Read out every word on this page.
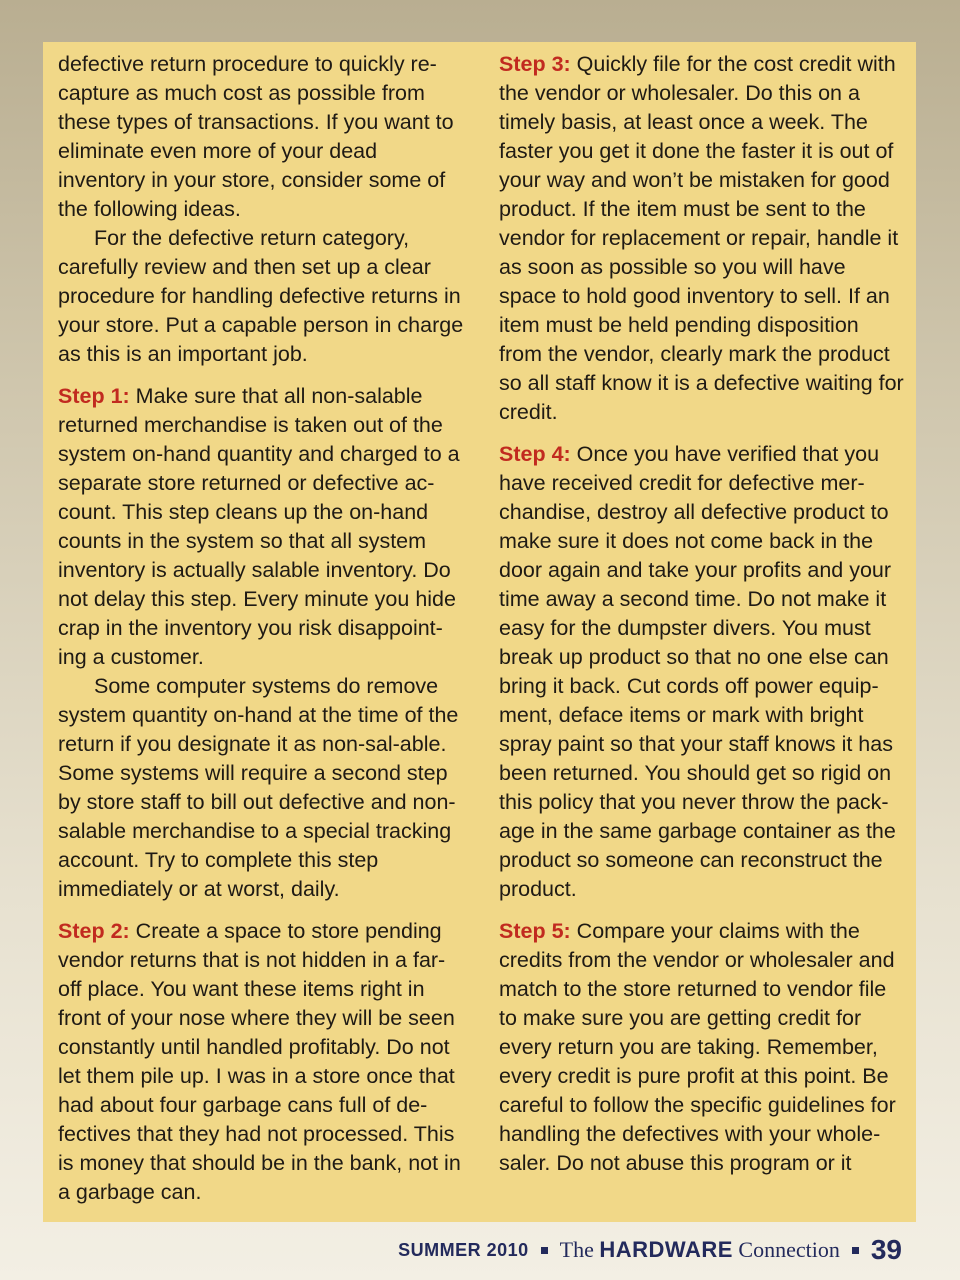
defective return procedure to quickly re-capture as much cost as possible from these types of transactions. If you want to eliminate even more of your dead inventory in your store, consider some of the following ideas.

For the defective return category, carefully review and then set up a clear procedure for handling defective returns in your store. Put a capable person in charge as this is an important job.

Step 1: Make sure that all non-salable returned merchandise is taken out of the system on-hand quantity and charged to a separate store returned or defective ac-count. This step cleans up the on-hand counts in the system so that all system inventory is actually salable inventory. Do not delay this step. Every minute you hide crap in the inventory you risk disappoint-ing a customer.

Some computer systems do remove system quantity on-hand at the time of the return if you designate it as non-sal-able. Some systems will require a second step by store staff to bill out defective and non-salable merchandise to a special tracking account. Try to complete this step immediately or at worst, daily.

Step 2: Create a space to store pending vendor returns that is not hidden in a far-off place. You want these items right in front of your nose where they will be seen constantly until handled profitably. Do not let them pile up. I was in a store once that had about four garbage cans full of de-fectives that they had not processed. This is money that should be in the bank, not in a garbage can.

Step 3: Quickly file for the cost credit with the vendor or wholesaler. Do this on a timely basis, at least once a week. The faster you get it done the faster it is out of your way and won’t be mistaken for good product. If the item must be sent to the vendor for replacement or repair, handle it as soon as possible so you will have space to hold good inventory to sell. If an item must be held pending disposition from the vendor, clearly mark the product so all staff know it is a defective waiting for credit.

Step 4: Once you have verified that you have received credit for defective mer-chandise, destroy all defective product to make sure it does not come back in the door again and take your profits and your time away a second time. Do not make it easy for the dumpster divers. You must break up product so that no one else can bring it back. Cut cords off power equip-ment, deface items or mark with bright spray paint so that your staff knows it has been returned. You should get so rigid on this policy that you never throw the pack-age in the same garbage container as the product so someone can reconstruct the product.

Step 5: Compare your claims with the credits from the vendor or wholesaler and match to the store returned to vendor file to make sure you are getting credit for every return you are taking. Remember, every credit is pure profit at this point. Be careful to follow the specific guidelines for handling the defectives with your whole-saler. Do not abuse this program or it

SUMMER 2010 The HARDWARE Connection 39
